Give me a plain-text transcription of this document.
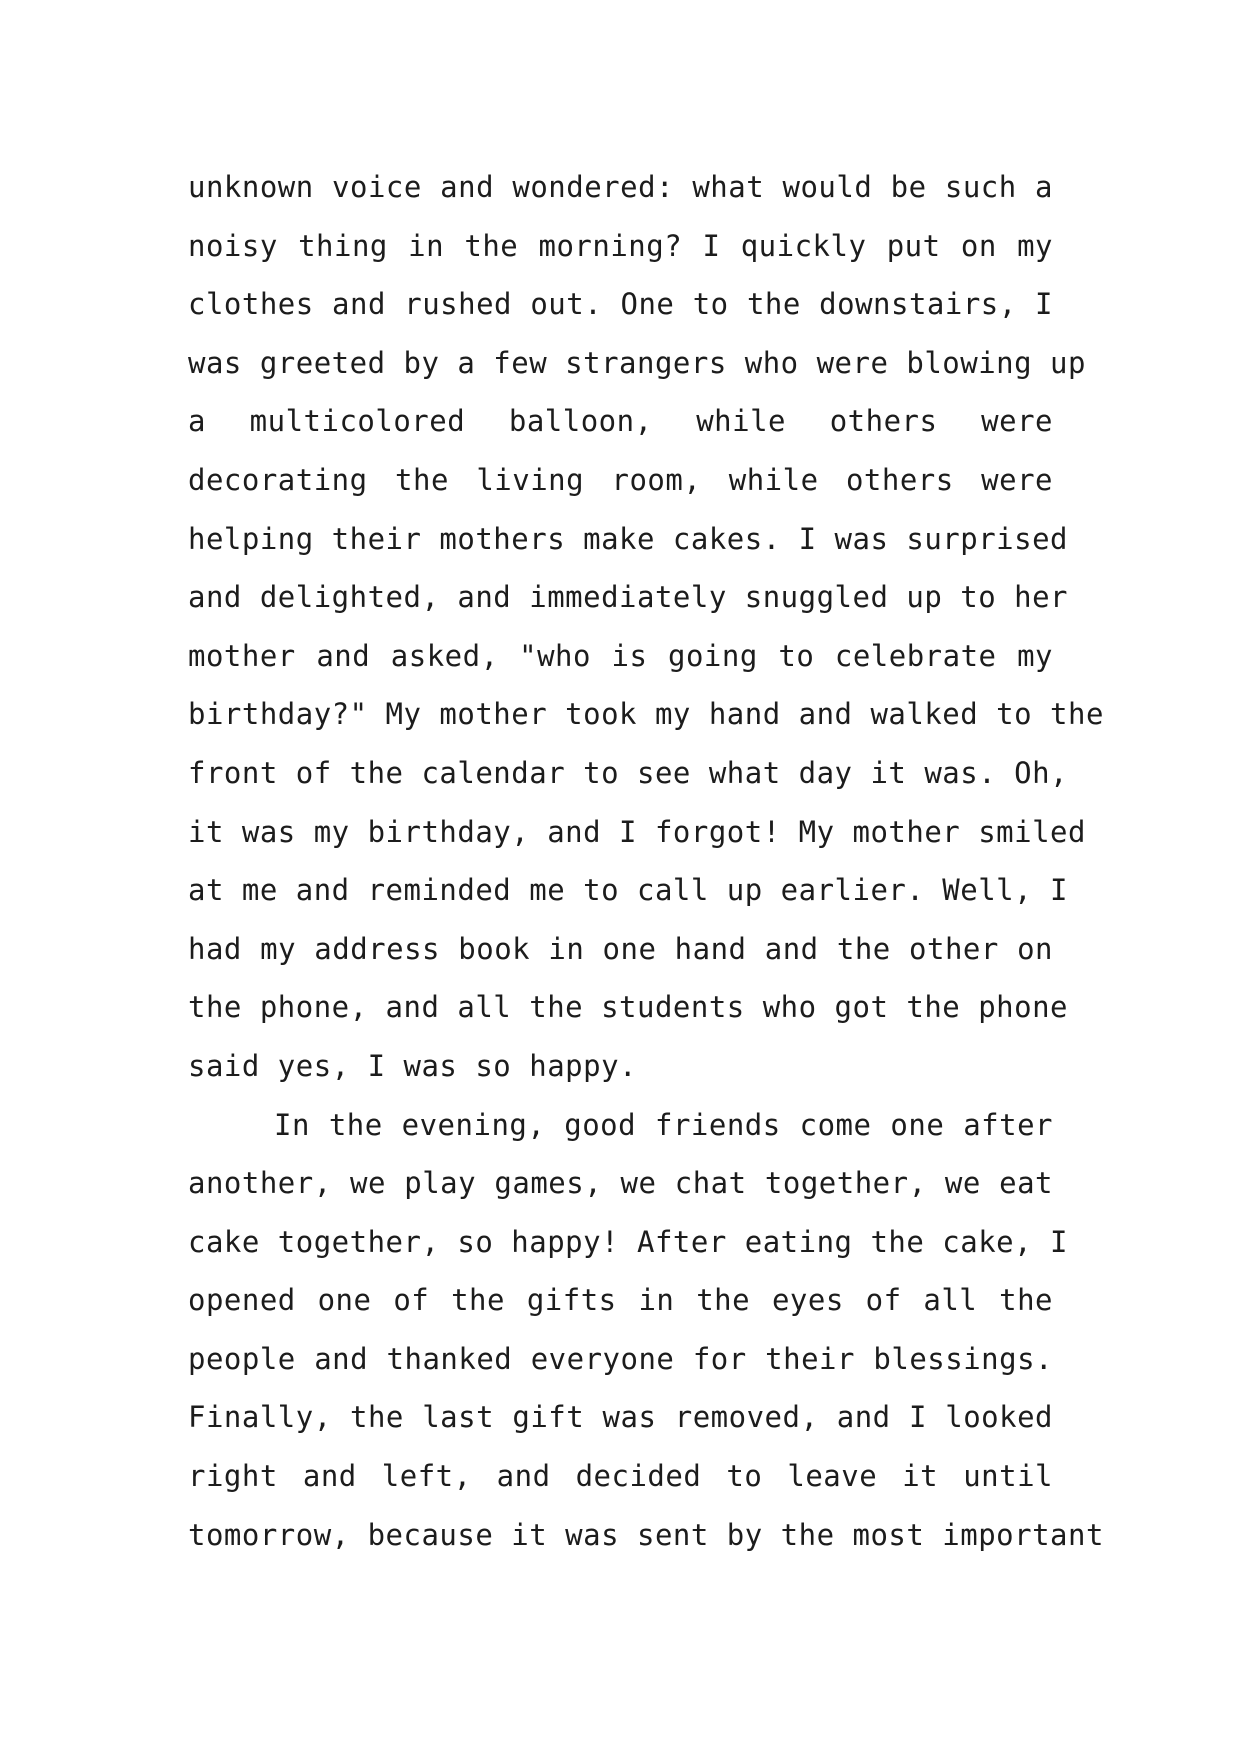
unknown voice and wondered: what would be such a
noisy thing in the morning? I quickly put on my
clothes and rushed out. One to the downstairs, I
was greeted by a few strangers who were blowing up
a multicolored balloon, while others were
decorating the living room, while others were
helping their mothers make cakes. I was surprised
and delighted, and immediately snuggled up to her
mother and asked, "who is going to celebrate my
birthday?" My mother took my hand and walked to the
front of the calendar to see what day it was. Oh,
it was my birthday, and I forgot! My mother smiled
at me and reminded me to call up earlier. Well, I
had my address book in one hand and the other on
the phone, and all the students who got the phone
said yes, I was so happy.
In the evening, good friends come one after
another, we play games, we chat together, we eat
cake together, so happy! After eating the cake, I
opened one of the gifts in the eyes of all the
people and thanked everyone for their blessings.
Finally, the last gift was removed, and I looked
right and left, and decided to leave it until
tomorrow, because it was sent by the most important
